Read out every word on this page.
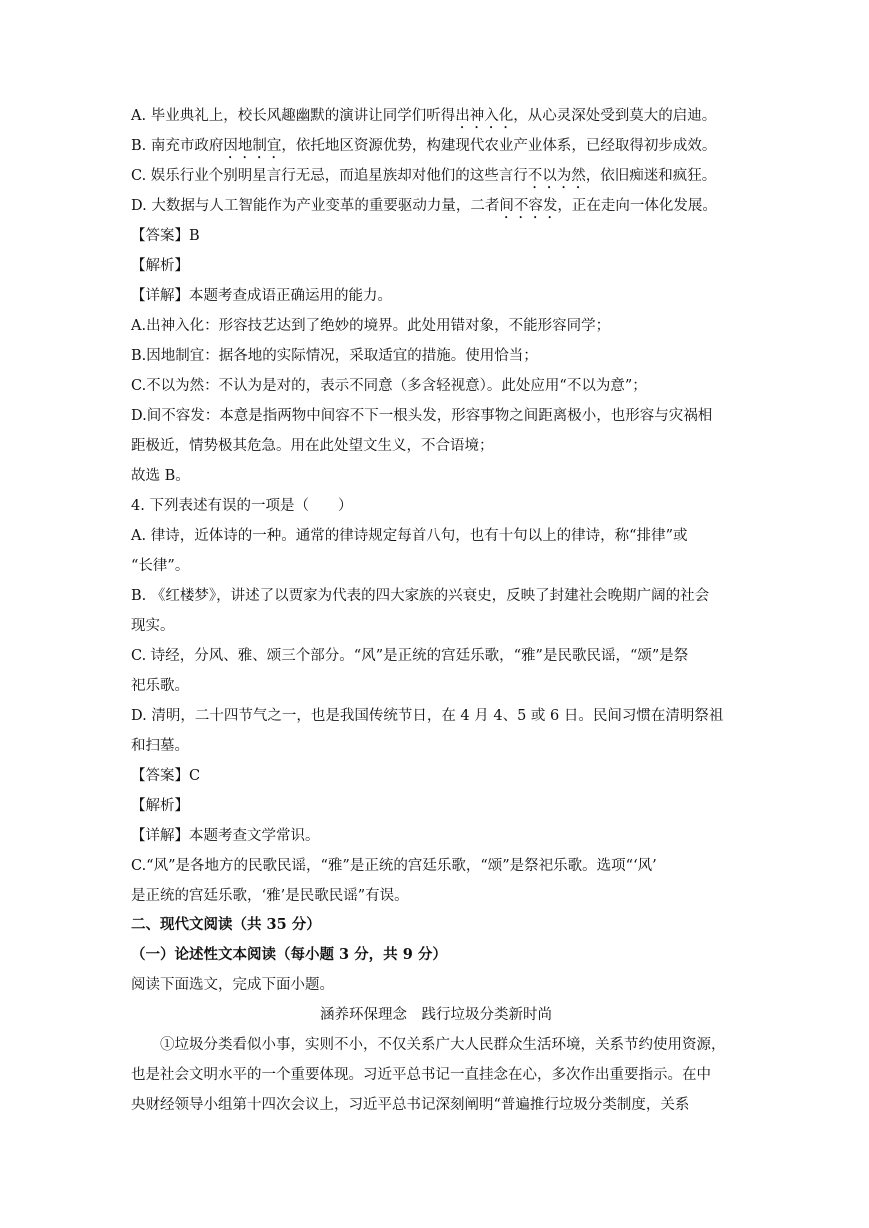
A. 毕业典礼上，校长风趣幽默的演讲让同学们听得出神入化，从心灵深处受到莫大的启迪。
B. 南充市政府因地制宜，依托地区资源优势，构建现代农业产业体系，已经取得初步成效。
C. 娱乐行业个别明星言行无忌，而追星族却对他们的这些言行不以为然，依旧痴迷和疯狂。
D. 大数据与人工智能作为产业变革的重要驱动力量，二者间不容发，正在走向一体化发展。
【答案】B
【解析】
【详解】本题考查成语正确运用的能力。
A.出神入化：形容技艺达到了绝妙的境界。此处用错对象，不能形容同学；
B.因地制宜：据各地的实际情况，采取适宜的措施。使用恰当；
C.不以为然：不认为是对的，表示不同意（多含轻视意）。此处应用“不以为意”；
D.间不容发：本意是指两物中间容不下一根头发，形容事物之间距离极小，也形容与灾祸相
距极近，情势极其危急。用在此处望文生义，不合语境；
故选 B。
4. 下列表述有误的一项是（　　）
A. 律诗，近体诗的一种。通常的律诗规定每首八句，也有十句以上的律诗，称“排律”或
“长律”。
B. 《红楼梦》，讲述了以贾家为代表的四大家族的兴衰史，反映了封建社会晚期广阔的社会
现实。
C. 诗经，分风、雅、颂三个部分。“风”是正统的宫廷乐歌，“雅”是民歌民谣，“颂”是祭
祀乐歌。
D. 清明，二十四节气之一，也是我国传统节日，在 4 月 4、5 或 6 日。民间习惯在清明祭祖
和扫墓。
【答案】C
【解析】
【详解】本题考查文学常识。
C.“风”是各地方的民歌民谣，“雅”是正统的宫廷乐歌，“颂”是祭祀乐歌。选项“‘风’
是正统的宫廷乐歌，‘雅’是民歌民谣”有误。
二、现代文阅读（共 35 分）
（一）论述性文本阅读（每小题 3 分，共 9 分）
阅读下面选文，完成下面小题。
涵养环保理念　践行垃圾分类新时尚
①垃圾分类看似小事，实则不小，不仅关系广大人民群众生活环境，关系节约使用资源，
也是社会文明水平的一个重要体现。习近平总书记一直挂念在心，多次作出重要指示。在中
央财经领导小组第十四次会议上，习近平总书记深刻阐明“普遍推行垃圾分类制度，关系
